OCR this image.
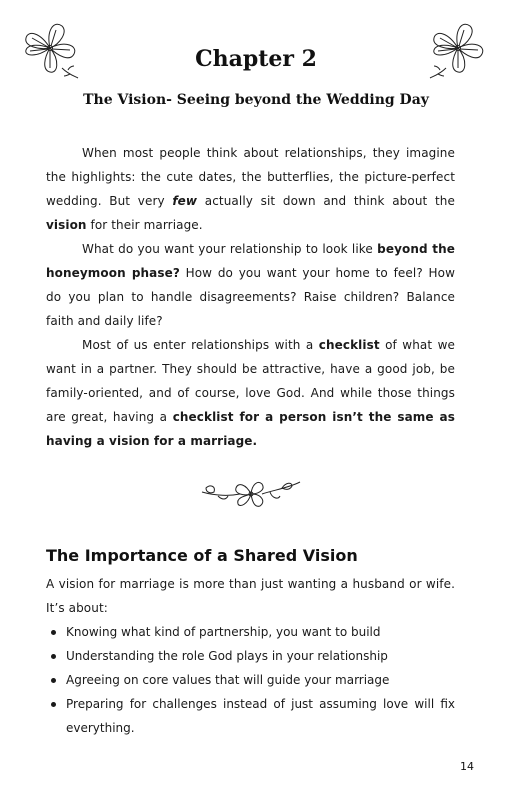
Chapter 2
The Vision- Seeing beyond the Wedding Day

When most people think about relationships, they imagine the highlights: the cute dates, the butterflies, the picture-perfect wedding. But very few actually sit down and think about the vision for their marriage.

What do you want your relationship to look like beyond the honeymoon phase? How do you want your home to feel? How do you plan to handle disagreements? Raise children? Balance faith and daily life?

Most of us enter relationships with a checklist of what we want in a partner. They should be attractive, have a good job, be family-oriented, and of course, love God. And while those things are great, having a checklist for a person isn’t the same as having a vision for a marriage.

The Importance of a Shared Vision
A vision for marriage is more than just wanting a husband or wife. It’s about:
Knowing what kind of partnership, you want to build
Understanding the role God plays in your relationship
Agreeing on core values that will guide your marriage
Preparing for challenges instead of just assuming love will fix everything.
14
